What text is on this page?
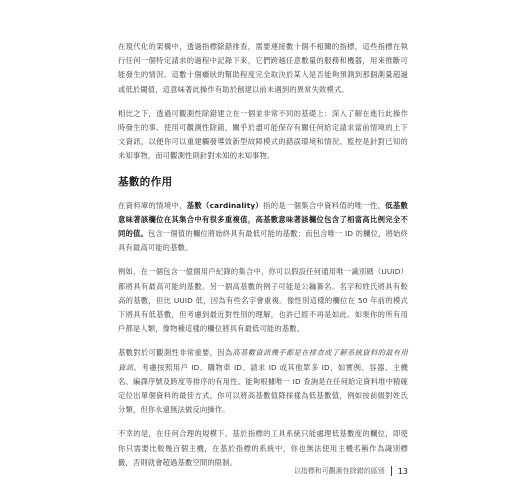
在現代化的架構中，透過指標除錯排查，需要連接數十個不相關的指標，這些指標在執行任何一個特定請求的過程中記錄下來，它們跨越任意數量的服務和機器，用來推斷可能發生的情況。這數十個癥狀的幫助程度完全取決於某人是否能夠預測到那個測量超過或低於閾值，這意味著此操作有助於創建以前未遇到的異常失敗模式。

相比之下，透過可觀測性除錯建立在一個並非常不同的基礎上：深入了解在進行此操作時發生的事。使用可觀測性除錯，關乎於盡可能保存有關任何給定請求當前情境的上下文資訊，以便你可以重建觸發導致新型故障模式的錯誤環境和情況。監控是針對已知的未知事物，而可觀測性則針對未知的未知事物。

基數的作用

在資料庫的情境中，基數（cardinality）指的是一個集合中資料值的唯一性，低基數意味著該欄位在其集合中有很多重複值，高基數意味著該欄位包含了相當高比例完全不同的值。包含一個值的欄位將始終具有最低可能的基數；而包含唯一 ID 的欄位，將始終具有最高可能的基數。

例如，在一個包含一億個用戶紀錄的集合中，你可以假設任何通用唯一識別碼（UUID）都將具有最高可能的基數。另一個高基數的例子可能是公鑰簽名。名字和姓氏將具有較高的基數，但比 UUID 低，因為有些名字會重複。像性別這樣的欄位在 50 年前的模式下將具有低基數，但考慮到最近對性別的理解，也許已經不再是如此。如果你的所有用戶都是人類，像物種這樣的欄位將具有最低可能的基數。

基數對於可觀測性非常重要，因為高基數資訊幾乎都是在排查或了解系統資料的最有用資訊。考慮按照用戶 ID、購物車 ID、請求 ID 或其他眾多 ID，如實例、容器、主機名、編譯序號及跨度等排序的有用性。能夠根據唯一 ID 查詢是在任何給定資料堆中精確定位出單個資料的最佳方式，你可以將高基數值降採樣為低基數值，例如按前綴對姓氏分類，但你永遠無法做反向操作。

不幸的是，在任何合理的規模下，基於指標的工具系統只能處理低基數度的欄位，即使你只需要比較幾百個主機，在基於指標的系統中，你也無法使用主機名稱作為識別標籤，否則就會超過基數空間的限制。

以指標和可觀測性除錯的區別 13
